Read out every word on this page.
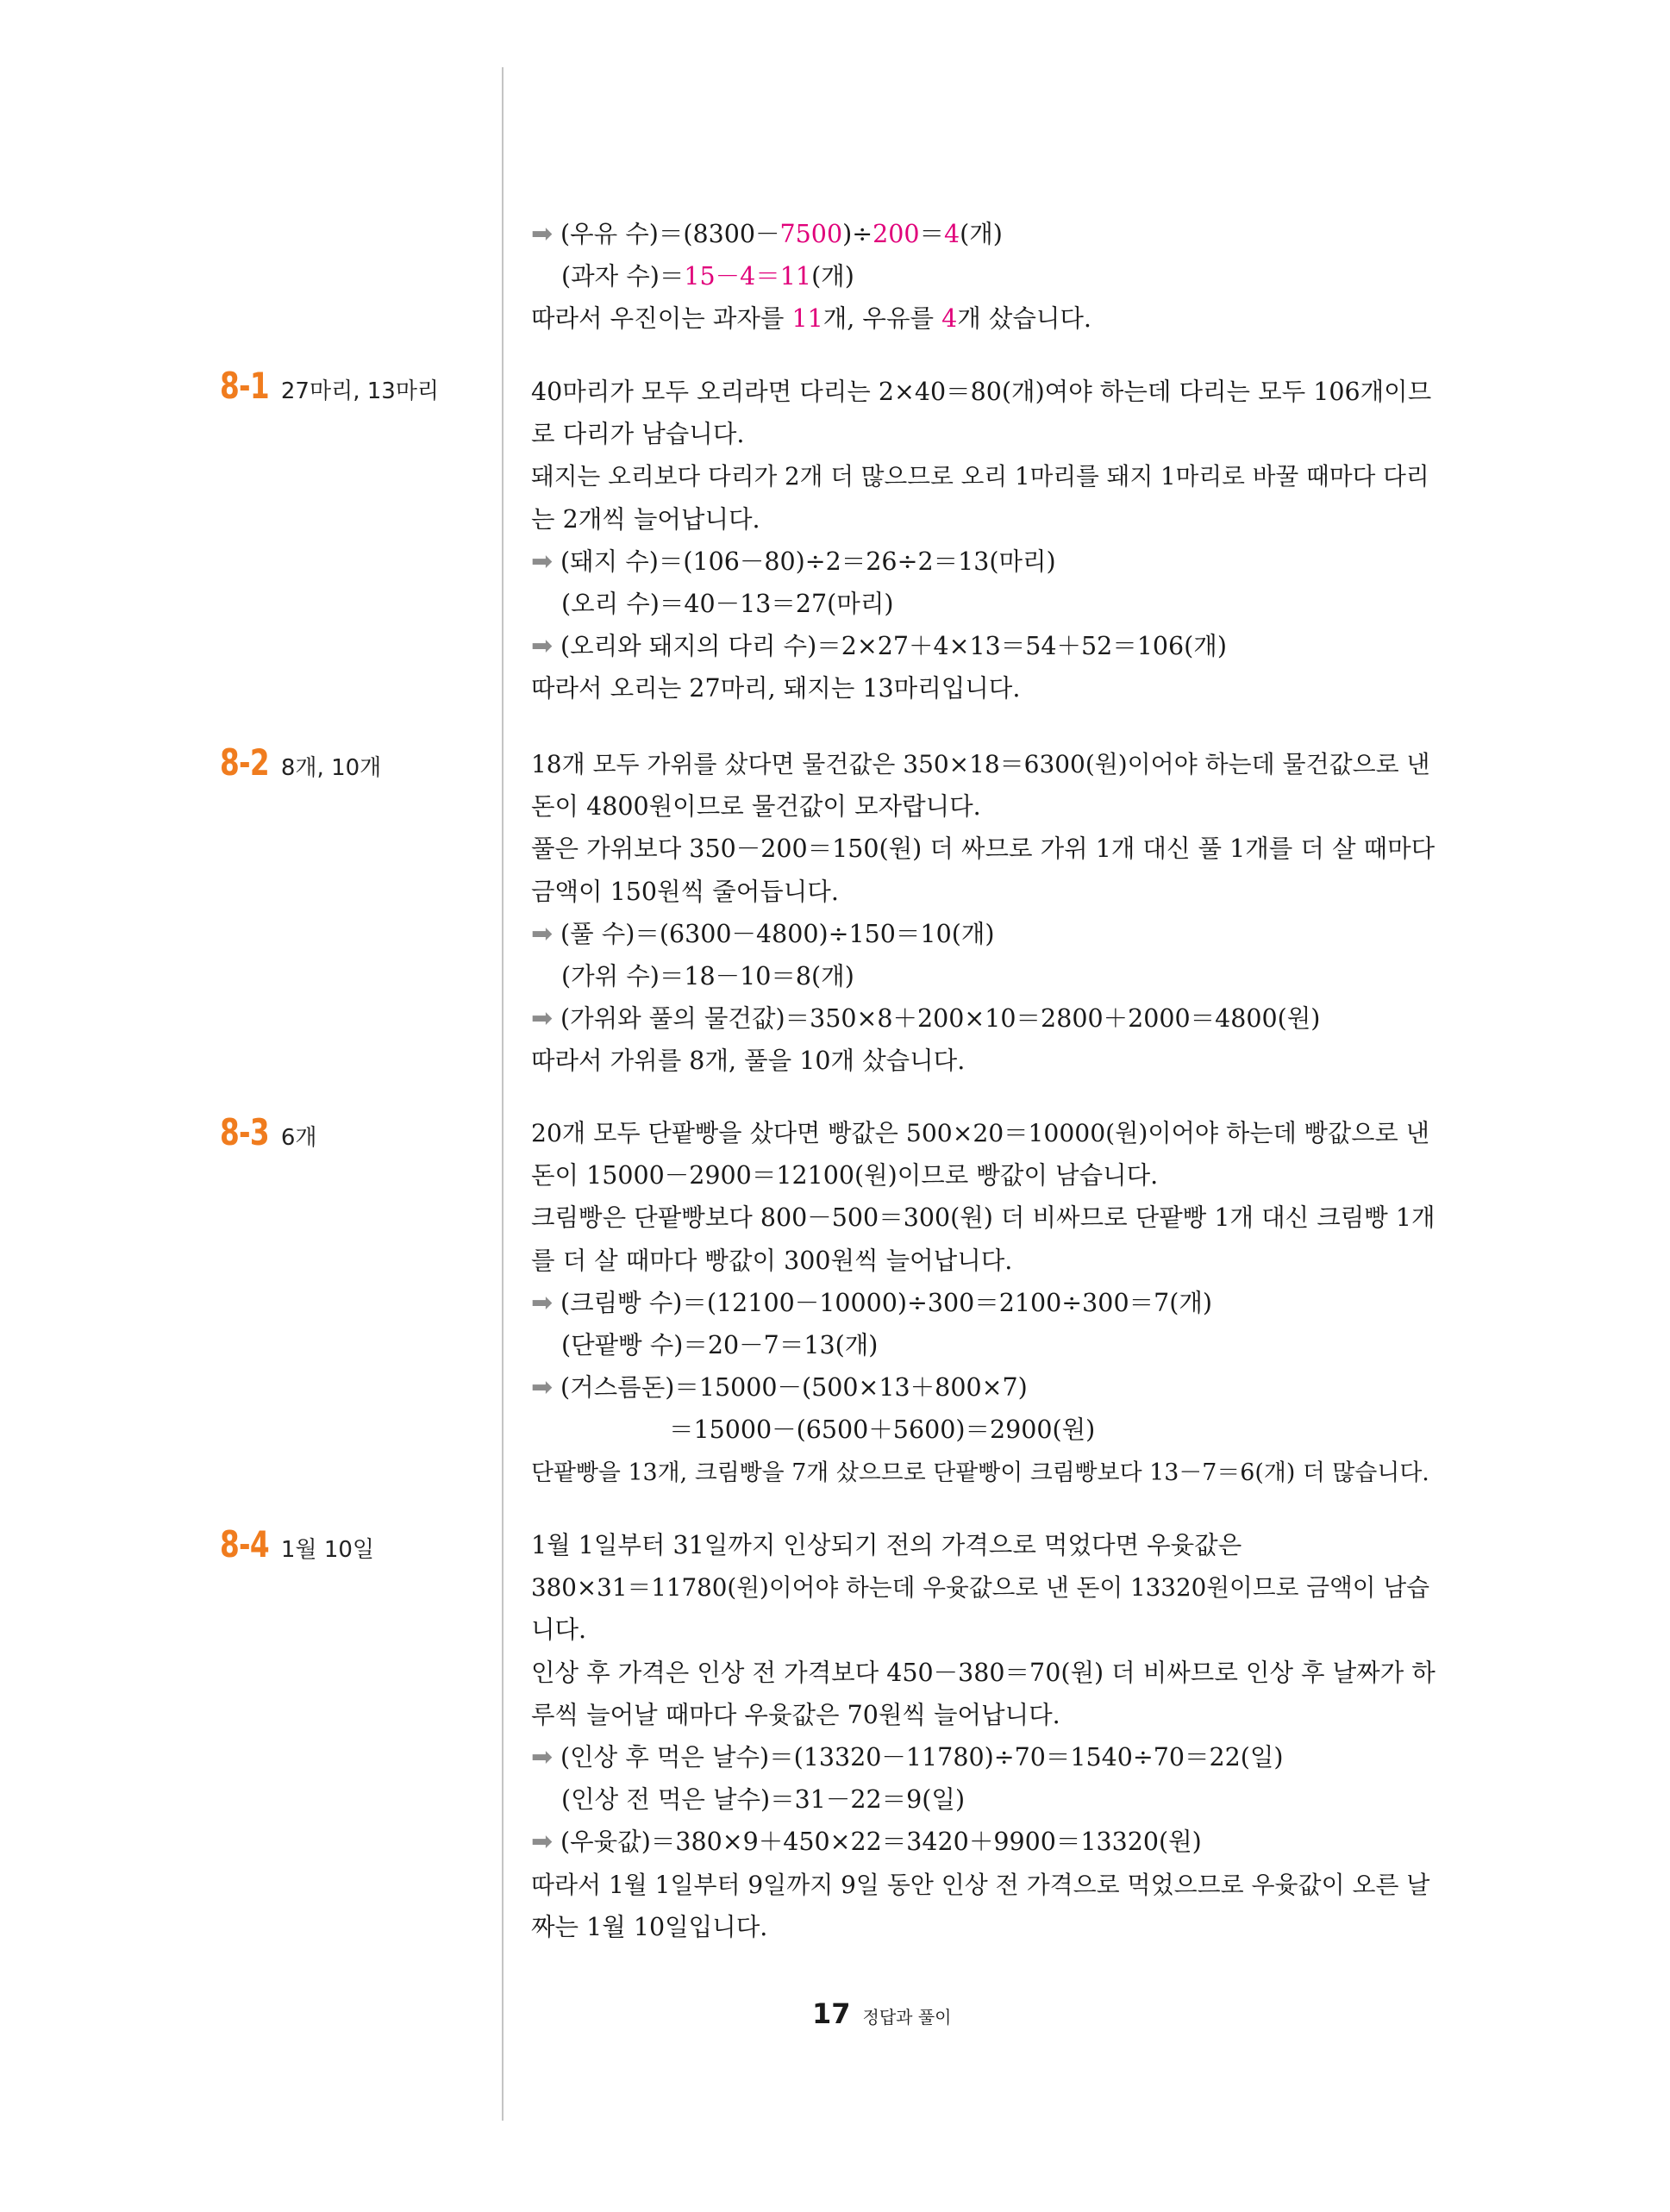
➡ (우유 수)＝(8300－7500)÷200＝4(개)
(과자 수)＝15－4＝11(개)
따라서 우진이는 과자를 11개, 우유를 4개 샀습니다.
8-1 27마리, 13마리	40마리가 모두 오리라면 다리는 2×40＝80(개)여야 하는데 다리는 모두 106개이므
로 다리가 남습니다.
돼지는 오리보다 다리가 2개 더 많으므로 오리 1마리를 돼지 1마리로 바꿀 때마다 다리
는 2개씩 늘어납니다.
➡ (돼지 수)＝(106－80)÷2＝26÷2＝13(마리)
(오리 수)＝40－13＝27(마리)
➡ (오리와 돼지의 다리 수)＝2×27＋4×13＝54＋52＝106(개)
따라서 오리는 27마리, 돼지는 13마리입니다.
8-2 8개, 10개	18개 모두 가위를 샀다면 물건값은 350×18＝6300(원)이어야 하는데 물건값으로 낸
돈이 4800원이므로 물건값이 모자랍니다.
풀은 가위보다 350－200＝150(원) 더 싸므로 가위 1개 대신 풀 1개를 더 살 때마다
금액이 150원씩 줄어듭니다.
➡ (풀 수)＝(6300－4800)÷150＝10(개)
(가위 수)＝18－10＝8(개)
➡ (가위와 풀의 물건값)＝350×8＋200×10＝2800＋2000＝4800(원)
따라서 가위를 8개, 풀을 10개 샀습니다.
8-3 6개	20개 모두 단팥빵을 샀다면 빵값은 500×20＝10000(원)이어야 하는데 빵값으로 낸
돈이 15000－2900＝12100(원)이므로 빵값이 남습니다.
크림빵은 단팥빵보다 800－500＝300(원) 더 비싸므로 단팥빵 1개 대신 크림빵 1개
를 더 살 때마다 빵값이 300원씩 늘어납니다.
➡ (크림빵 수)＝(12100－10000)÷300＝2100÷300＝7(개)
(단팥빵 수)＝20－7＝13(개)
➡ (거스름돈)＝15000－(500×13＋800×7)
＝15000－(6500＋5600)＝2900(원)
단팥빵을 13개, 크림빵을 7개 샀으므로 단팥빵이 크림빵보다 13－7＝6(개) 더 많습니다.
8-4 1월 10일	1월 1일부터 31일까지 인상되기 전의 가격으로 먹었다면 우윳값은
380×31＝11780(원)이어야 하는데 우윳값으로 낸 돈이 13320원이므로 금액이 남습
니다.
인상 후 가격은 인상 전 가격보다 450－380＝70(원) 더 비싸므로 인상 후 날짜가 하
루씩 늘어날 때마다 우윳값은 70원씩 늘어납니다.
➡ (인상 후 먹은 날수)＝(13320－11780)÷70＝1540÷70＝22(일)
(인상 전 먹은 날수)＝31－22＝9(일)
➡ (우윳값)＝380×9＋450×22＝3420＋9900＝13320(원)
따라서 1월 1일부터 9일까지 9일 동안 인상 전 가격으로 먹었으므로 우윳값이 오른 날
짜는 1월 10일입니다.
17 정답과 풀이
